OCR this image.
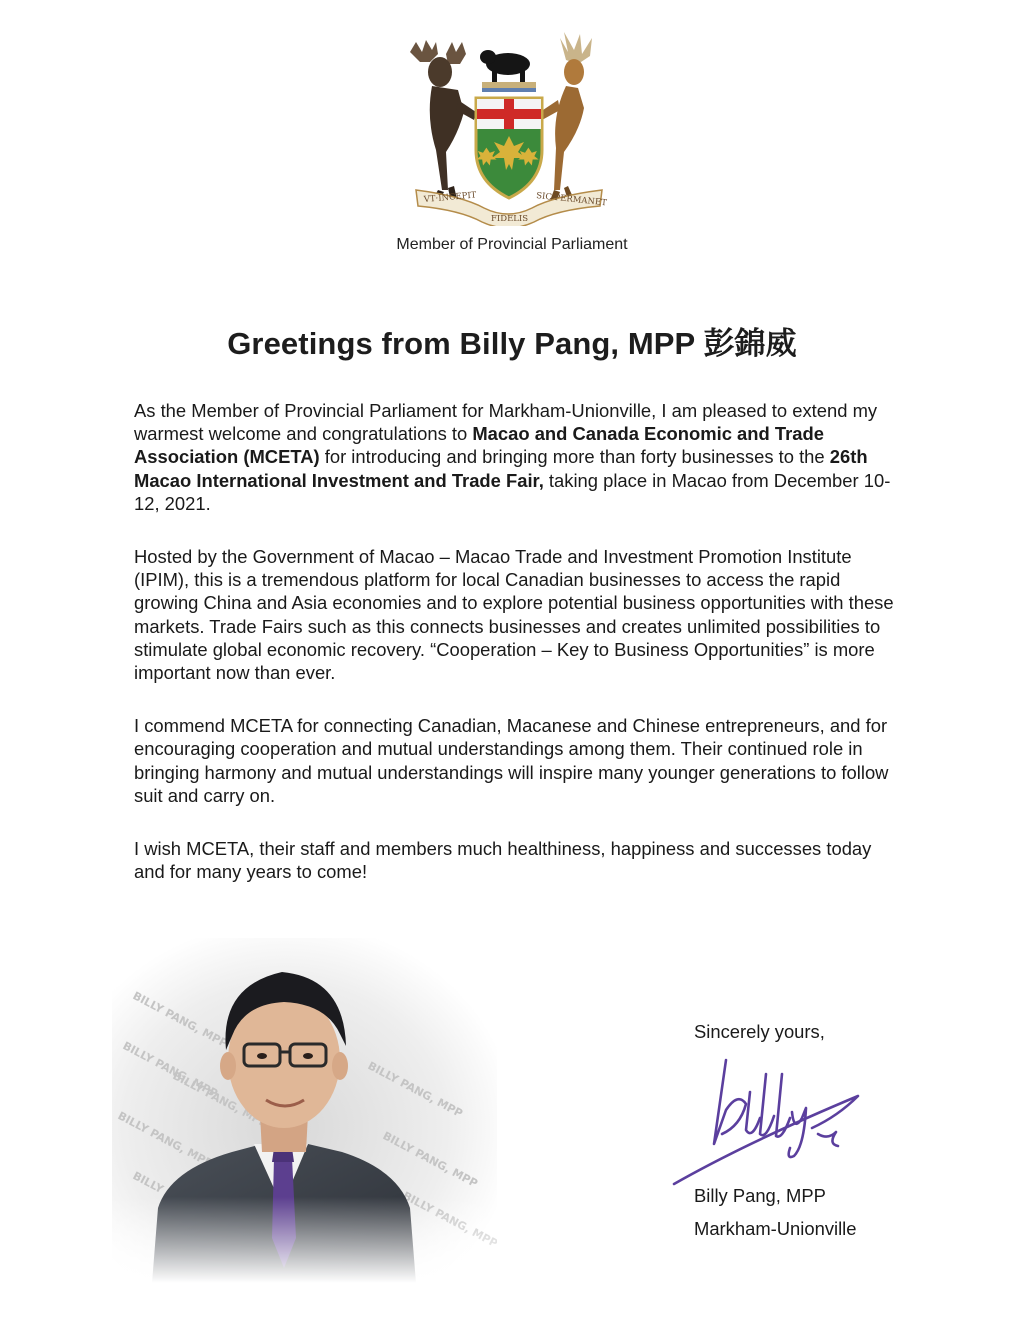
VT·INCEPIT
FIDELIS
SIC·PERMANET
Member of Provincial Parliament
Greetings from Billy Pang, MPP 彭錦威

As the Member of Provincial Parliament for Markham-Unionville, I am pleased to extend my warmest welcome and congratulations to Macao and Canada Economic and Trade Association (MCETA) for introducing and bringing more than forty businesses to the 26th Macao International Investment and Trade Fair, taking place in Macao from December 10-12, 2021.

Hosted by the Government of Macao – Macao Trade and Investment Promotion Institute (IPIM), this is a tremendous platform for local Canadian businesses to access the rapid growing China and Asia economies and to explore potential business opportunities with these markets. Trade Fairs such as this connects businesses and creates unlimited possibilities to stimulate global economic recovery. “Cooperation – Key to Business Opportunities” is more important now than ever.

I commend MCETA for connecting Canadian, Macanese and Chinese entrepreneurs, and for encouraging cooperation and mutual understandings among them. Their continued role in bringing harmony and mutual understandings will inspire many younger generations to follow suit and carry on.

I wish MCETA, their staff and members much healthiness, happiness and successes today and for many years to come!

Sincerely yours,
Billy Pang, MPP
Markham-Unionville
